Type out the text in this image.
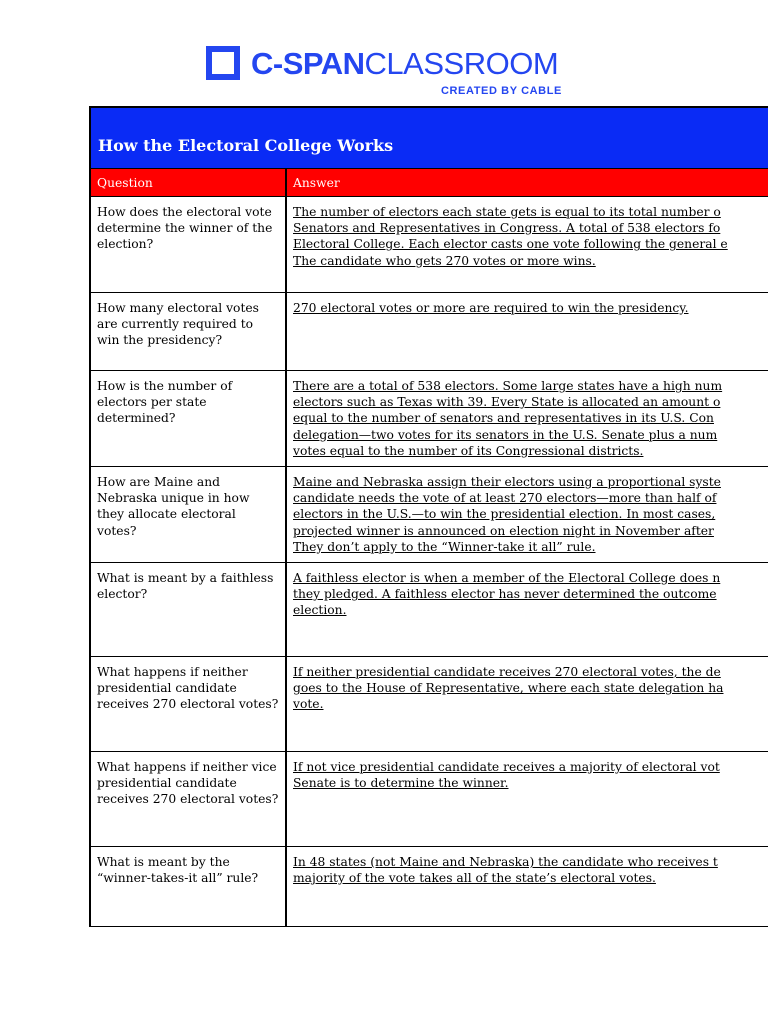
C-SPANCLASSROOM
CREATED BY CABLE
How the Electoral College Works
Question	Answer
How does the electoral vote determine the winner of the election?
The number of electors each state gets is equal to its total number o
Senators and Representatives in Congress. A total of 538 electors fo
Electoral College. Each elector casts one vote following the general e
The candidate who gets 270 votes or more wins.
How many electoral votes are currently required to win the presidency?
270 electoral votes or more are required to win the presidency.
How is the number of electors per state determined?
There are a total of 538 electors. Some large states have a high num
electors such as Texas with 39. Every State is allocated an amount o
equal to the number of senators and representatives in its U.S. Con
delegation—two votes for its senators in the U.S. Senate plus a num
votes equal to the number of its Congressional districts.
How are Maine and Nebraska unique in how they allocate electoral votes?
Maine and Nebraska assign their electors using a proportional syste
candidate needs the vote of at least 270 electors—more than half of
electors in the U.S.—to win the presidential election. In most cases,
projected winner is announced on election night in November after
They don’t apply to the “Winner-take it all” rule.
What is meant by a faithless elector?
A faithless elector is when a member of the Electoral College does n
they pledged. A faithless elector has never determined the outcome
election.
What happens if neither presidential candidate receives 270 electoral votes?
If neither presidential candidate receives 270 electoral votes, the de
goes to the House of Representative, where each state delegation ha
vote.
What happens if neither vice presidential candidate receives 270 electoral votes?
If not vice presidential candidate receives a majority of electoral vot
Senate is to determine the winner.
What is meant by the “winner-takes-it all” rule?
In 48 states (not Maine and Nebraska) the candidate who receives t
majority of the vote takes all of the state’s electoral votes.
